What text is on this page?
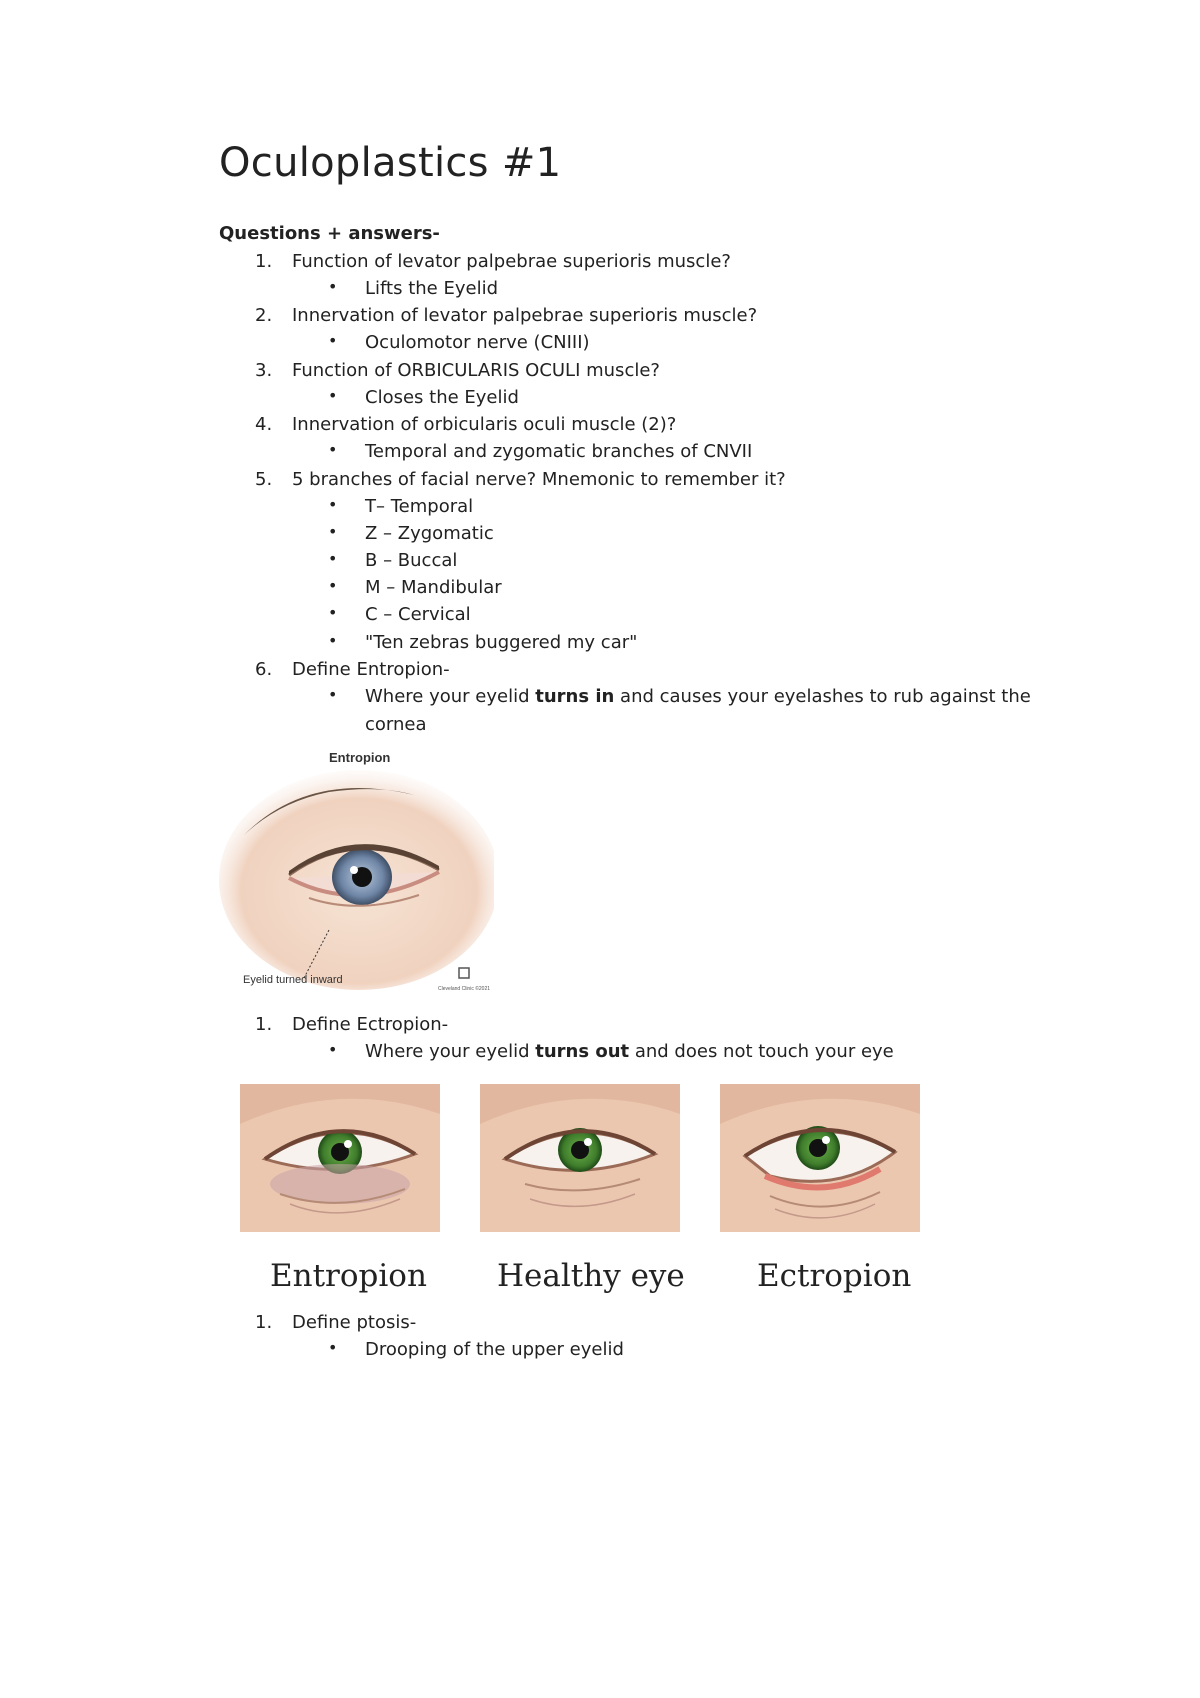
Oculoplastics #1
Questions + answers-
1. Function of levator palpebrae superioris muscle?
• Lifts the Eyelid
2. Innervation of levator palpebrae superioris muscle?
• Oculomotor nerve (CNIII)
3. Function of ORBICULARIS OCULI muscle?
• Closes the Eyelid
4. Innervation of orbicularis oculi muscle (2)?
• Temporal and zygomatic branches of CNVII
5. 5 branches of facial nerve? Mnemonic to remember it?
• T– Temporal
• Z – Zygomatic
• B – Buccal
• M – Mandibular
• C – Cervical
• "Ten zebras buggered my car"
6. Define Entropion-
• Where your eyelid turns in and causes your eyelashes to rub against the
cornea
Entropion
Eyelid turned inward
Cleveland Clinic ©2021
1. Define Ectropion-
• Where your eyelid turns out and does not touch your eye
Entropion Healthy eye Ectropion
1. Define ptosis-
• Drooping of the upper eyelid
